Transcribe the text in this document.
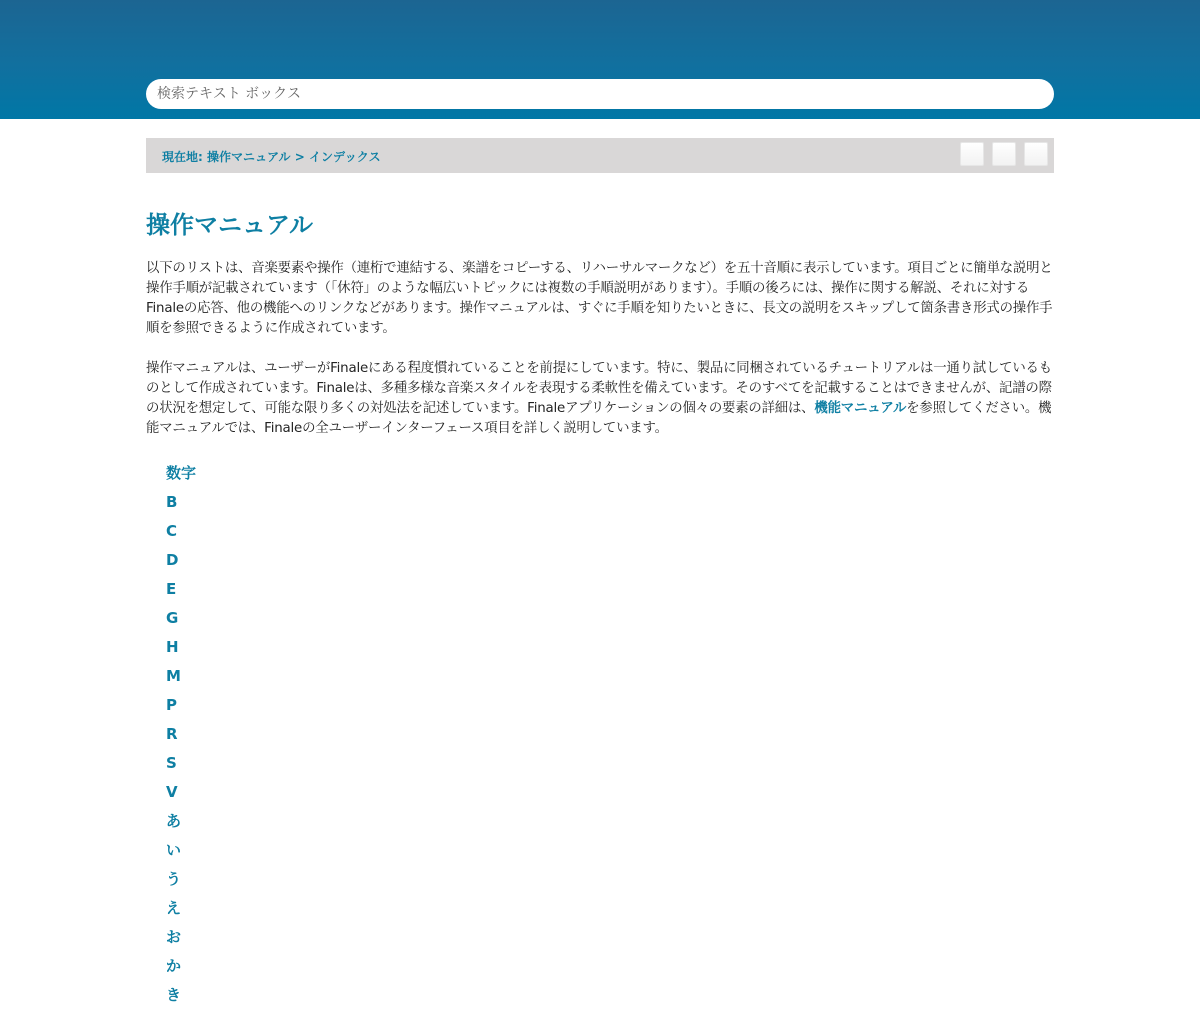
検索テキスト ボックス
現在地: 操作マニュアル > インデックス
操作マニュアル

以下のリストは、音楽要素や操作（連桁で連結する、楽譜をコピーする、リハーサルマークなど）を五十音順に表示しています。項目ごとに簡単な説明と操作手順が記載されています（「休符」のような幅広いトピックには複数の手順説明があります）。手順の後ろには、操作に関する解説、それに対するFinaleの応答、他の機能へのリンクなどがあります。操作マニュアルは、すぐに手順を知りたいときに、長文の説明をスキップして箇条書き形式の操作手順を参照できるように作成されています。

操作マニュアルは、ユーザーがFinaleにある程度慣れていることを前提にしています。特に、製品に同梱されているチュートリアルは一通り試しているものとして作成されています。Finaleは、多種多様な音楽スタイルを表現する柔軟性を備えています。そのすべてを記載することはできませんが、記譜の際の状況を想定して、可能な限り多くの対処法を記述しています。Finaleアプリケーションの個々の要素の詳細は、機能マニュアルを参照してください。機能マニュアルでは、Finaleの全ユーザーインターフェース項目を詳しく説明しています。

数字
B
C
D
E
G
H
M
P
R
S
V
あ
い
う
え
お
か
き
